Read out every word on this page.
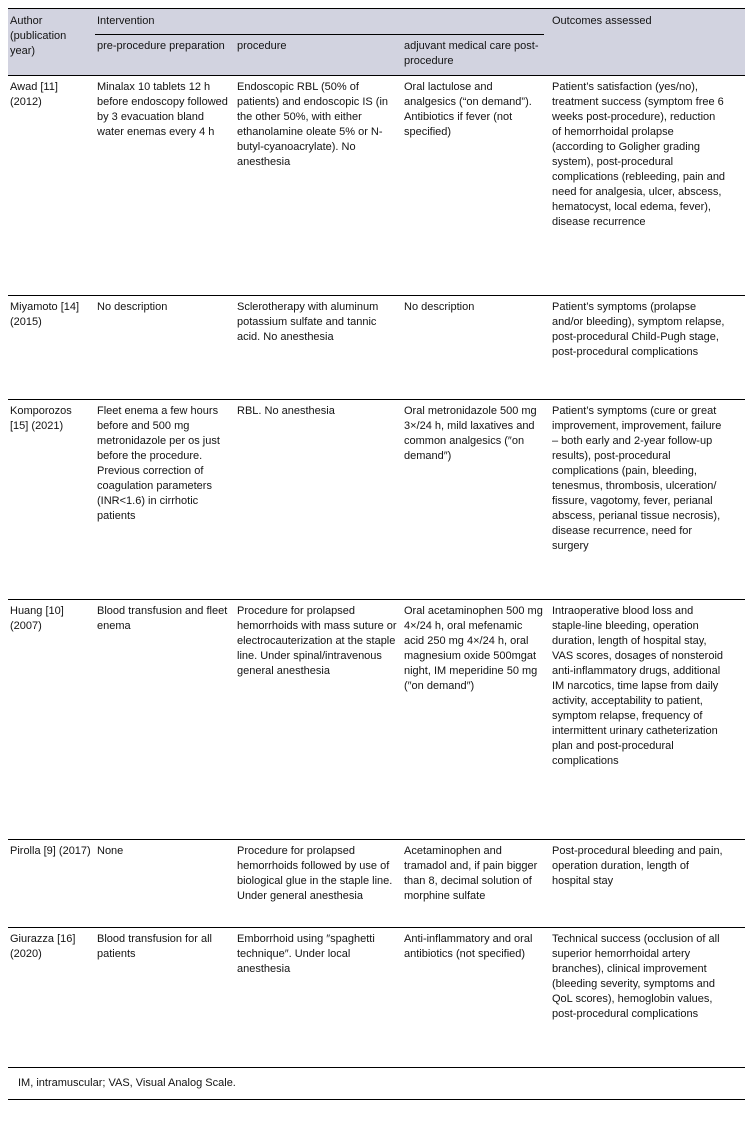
Author (publication year)	Intervention			Outcomes assessed
	pre-procedure preparation	procedure	adjuvant medical care post-procedure	
Awad [11] (2012)	Minalax 10 tablets 12 h before endoscopy followed by 3 evacuation bland water enemas every 4 h	Endoscopic RBL (50% of patients) and endoscopic IS (in the other 50%, with either ethanolamine oleate 5% or N-butyl-cyanoacrylate). No anesthesia	Oral lactulose and analgesics (“on demand”). Antibiotics if fever (not specified)	Patient’s satisfaction (yes/no), treatment success (symptom free 6 weeks post-procedure), reduction of hemorrhoidal prolapse (according to Goligher grading system), post-procedural complications (rebleeding, pain and need for analgesia, ulcer, abscess, hematocyst, local edema, fever), disease recurrence
Miyamoto [14] (2015)	No description	Sclerotherapy with aluminum potassium sulfate and tannic acid. No anesthesia	No description	Patient’s symptoms (prolapse and/or bleeding), symptom relapse, post-procedural Child-Pugh stage, post-procedural complications
Komporozos [15] (2021)	Fleet enema a few hours before and 500 mg metronidazole per os just before the procedure. Previous correction of coagulation parameters (INR<1.6) in cirrhotic patients	RBL. No anesthesia	Oral metronidazole 500 mg 3×/24 h, mild laxatives and common analgesics (″on demand″)	Patient’s symptoms (cure or great improvement, improvement, failure – both early and 2-year follow-up results), post-procedural complications (pain, bleeding, tenesmus, thrombosis, ulceration/ fissure, vagotomy, fever, perianal abscess, perianal tissue necrosis), disease recurrence, need for surgery
Huang [10] (2007)	Blood transfusion and fleet enema	Procedure for prolapsed hemorrhoids with mass suture or electrocauterization at the staple line. Under spinal/intravenous general anesthesia	Oral acetaminophen 500 mg 4×/24 h, oral mefenamic acid 250 mg 4×/24 h, oral magnesium oxide 500mgat night, IM meperidine 50 mg (″on demand″)	Intraoperative blood loss and staple-line bleeding, operation duration, length of hospital stay, VAS scores, dosages of nonsteroid anti-inflammatory drugs, additional IM narcotics, time lapse from daily activity, acceptability to patient, symptom relapse, frequency of intermittent urinary catheterization plan and post-procedural complications
Pirolla [9] (2017)	None	Procedure for prolapsed hemorrhoids followed by use of biological glue in the staple line. Under general anesthesia	Acetaminophen and tramadol and, if pain bigger than 8, decimal solution of morphine sulfate	Post-procedural bleeding and pain, operation duration, length of hospital stay
Giurazza [16] (2020)	Blood transfusion for all patients	Emborrhoid using ″spaghetti technique″. Under local anesthesia	Anti-inflammatory and oral antibiotics (not specified)	Technical success (occlusion of all superior hemorrhoidal artery branches), clinical improvement (bleeding severity, symptoms and QoL scores), hemoglobin values, post-procedural complications
IM, intramuscular; VAS, Visual Analog Scale.				
